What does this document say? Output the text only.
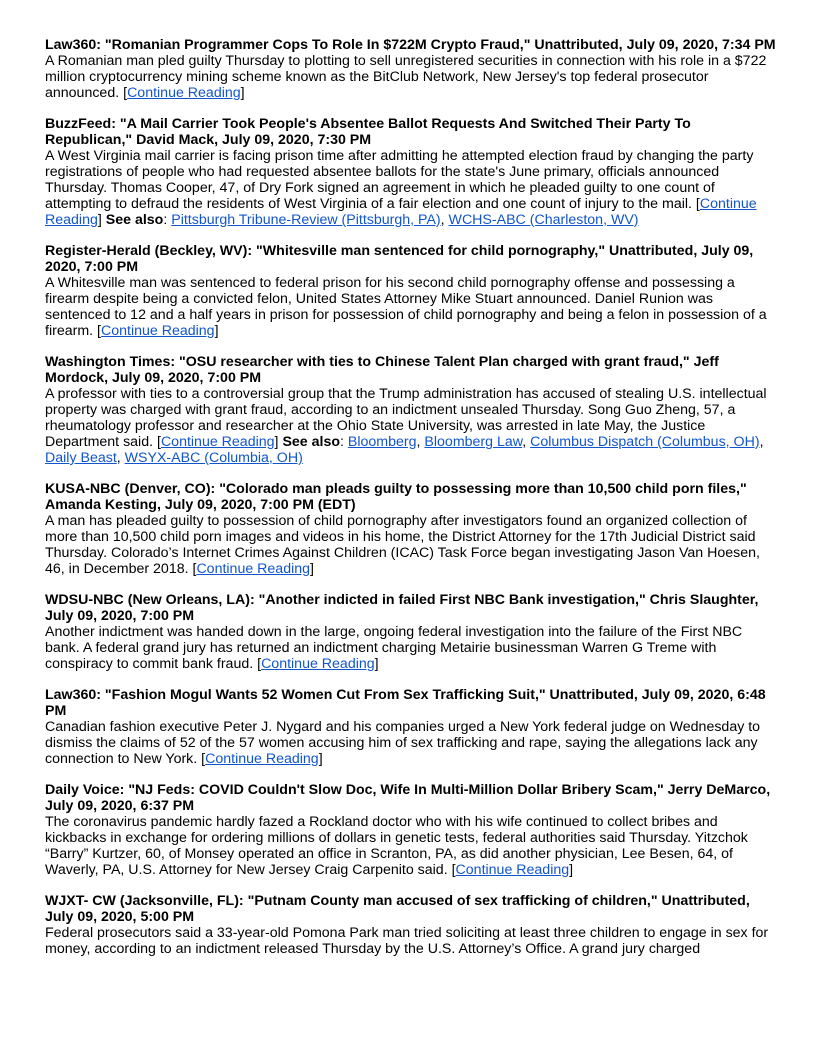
Law360: "Romanian Programmer Cops To Role In $722M Crypto Fraud," Unattributed, July 09, 2020, 7:34 PM

A Romanian man pled guilty Thursday to plotting to sell unregistered securities in connection with his role in a $722 million cryptocurrency mining scheme known as the BitClub Network, New Jersey's top federal prosecutor announced. [Continue Reading]

BuzzFeed: "A Mail Carrier Took People's Absentee Ballot Requests And Switched Their Party To Republican," David Mack, July 09, 2020, 7:30 PM

A West Virginia mail carrier is facing prison time after admitting he attempted election fraud by changing the party registrations of people who had requested absentee ballots for the state's June primary, officials announced Thursday. Thomas Cooper, 47, of Dry Fork signed an agreement in which he pleaded guilty to one count of attempting to defraud the residents of West Virginia of a fair election and one count of injury to the mail. [Continue Reading] See also: Pittsburgh Tribune-Review (Pittsburgh, PA), WCHS-ABC (Charleston, WV)

Register-Herald (Beckley, WV): "Whitesville man sentenced for child pornography," Unattributed, July 09, 2020, 7:00 PM

A Whitesville man was sentenced to federal prison for his second child pornography offense and possessing a firearm despite being a convicted felon, United States Attorney Mike Stuart announced. Daniel Runion was sentenced to 12 and a half years in prison for possession of child pornography and being a felon in possession of a firearm. [Continue Reading]

Washington Times: "OSU researcher with ties to Chinese Talent Plan charged with grant fraud," Jeff Mordock, July 09, 2020, 7:00 PM

A professor with ties to a controversial group that the Trump administration has accused of stealing U.S. intellectual property was charged with grant fraud, according to an indictment unsealed Thursday. Song Guo Zheng, 57, a rheumatology professor and researcher at the Ohio State University, was arrested in late May, the Justice Department said. [Continue Reading] See also: Bloomberg, Bloomberg Law, Columbus Dispatch (Columbus, OH), Daily Beast, WSYX-ABC (Columbia, OH)

KUSA-NBC (Denver, CO): "Colorado man pleads guilty to possessing more than 10,500 child porn files," Amanda Kesting, July 09, 2020, 7:00 PM (EDT)

A man has pleaded guilty to possession of child pornography after investigators found an organized collection of more than 10,500 child porn images and videos in his home, the District Attorney for the 17th Judicial District said Thursday. Colorado’s Internet Crimes Against Children (ICAC) Task Force began investigating Jason Van Hoesen, 46, in December 2018. [Continue Reading]

WDSU-NBC (New Orleans, LA): "Another indicted in failed First NBC Bank investigation," Chris Slaughter, July 09, 2020, 7:00 PM

Another indictment was handed down in the large, ongoing federal investigation into the failure of the First NBC bank. A federal grand jury has returned an indictment charging Metairie businessman Warren G Treme with conspiracy to commit bank fraud. [Continue Reading]

Law360: "Fashion Mogul Wants 52 Women Cut From Sex Trafficking Suit," Unattributed, July 09, 2020, 6:48 PM

Canadian fashion executive Peter J. Nygard and his companies urged a New York federal judge on Wednesday to dismiss the claims of 52 of the 57 women accusing him of sex trafficking and rape, saying the allegations lack any connection to New York. [Continue Reading]

Daily Voice: "NJ Feds: COVID Couldn't Slow Doc, Wife In Multi-Million Dollar Bribery Scam," Jerry DeMarco, July 09, 2020, 6:37 PM

The coronavirus pandemic hardly fazed a Rockland doctor who with his wife continued to collect bribes and kickbacks in exchange for ordering millions of dollars in genetic tests, federal authorities said Thursday. Yitzchok “Barry” Kurtzer, 60, of Monsey operated an office in Scranton, PA, as did another physician, Lee Besen, 64, of Waverly, PA, U.S. Attorney for New Jersey Craig Carpenito said. [Continue Reading]

WJXT- CW (Jacksonville, FL): "Putnam County man accused of sex trafficking of children," Unattributed, July 09, 2020, 5:00 PM

Federal prosecutors said a 33-year-old Pomona Park man tried soliciting at least three children to engage in sex for money, according to an indictment released Thursday by the U.S. Attorney’s Office. A grand jury charged
